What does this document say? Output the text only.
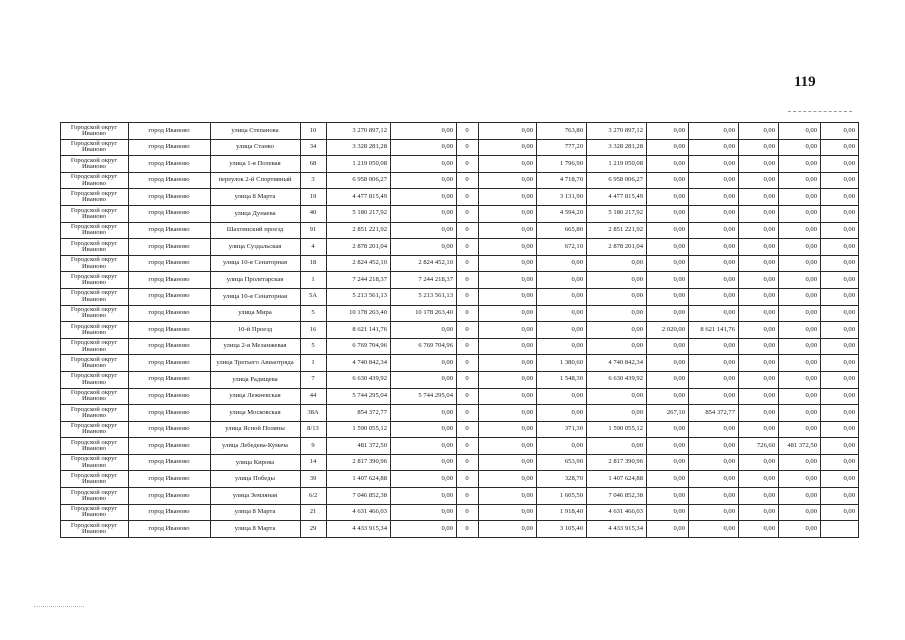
119
Городской округ Иваново	город Иваново	улица Степанова	10	3 270 897,12	0,00	0	0,00	763,80	3 270 897,12	0,00	0,00	0,00	0,00	0,00
Городской округ Иваново	город Иваново	улица Станко	34	3 328 281,28	0,00	0	0,00	777,20	3 328 281,28	0,00	0,00	0,00	0,00	0,00
Городской округ Иваново	город Иваново	улица 1-я Полевая	68	1 219 050,08	0,00	0	0,00	1 796,90	1 219 050,08	0,00	0,00	0,00	0,00	0,00
Городской округ Иваново	город Иваново	переулок 2-й Спортивный	3	6 958 006,27	0,00	0	0,00	4 718,70	6 958 006,27	0,00	0,00	0,00	0,00	0,00
Городской округ Иваново	город Иваново	улица 8 Марта	19	4 477 815,49	0,00	0	0,00	3 131,90	4 477 815,49	0,00	0,00	0,00	0,00	0,00
Городской округ Иваново	город Иваново	улица Дунаева	40	5 180 217,92	0,00	0	0,00	4 594,20	5 180 217,92	0,00	0,00	0,00	0,00	0,00
Городской округ Иваново	город Иваново	Шахтинский проезд	91	2 851 221,92	0,00	0	0,00	665,80	2 851 221,92	0,00	0,00	0,00	0,00	0,00
Городской округ Иваново	город Иваново	улица Суздальская	4	2 878 201,04	0,00	0	0,00	672,10	2 878 201,04	0,00	0,00	0,00	0,00	0,00
Городской округ Иваново	город Иваново	улица 10-я Сенаторная	18	2 824 452,10	2 824 452,10	0	0,00	0,00	0,00	0,00	0,00	0,00	0,00	0,00
Городской округ Иваново	город Иваново	улица Пролетарская	1	7 244 218,37	7 244 218,37	0	0,00	0,00	0,00	0,00	0,00	0,00	0,00	0,00
Городской округ Иваново	город Иваново	улица 10-я Сенаторная	5А	5 213 561,13	5 213 561,13	0	0,00	0,00	0,00	0,00	0,00	0,00	0,00	0,00
Городской округ Иваново	город Иваново	улица Мира	5	10 178 263,40	10 178 263,40	0	0,00	0,00	0,00	0,00	0,00	0,00	0,00	0,00
Городской округ Иваново	город Иваново	10-й Проезд	16	8 621 141,76	0,00	0	0,00	0,00	0,00	2 020,00	8 621 141,76	0,00	0,00	0,00
Городской округ Иваново	город Иваново	улица 2-я Меланжевая	5	6 769 704,96	6 769 704,96	0	0,00	0,00	0,00	0,00	0,00	0,00	0,00	0,00
Городской округ Иваново	город Иваново	улица Третьего Авиаотряда	1	4 740 842,34	0,00	0	0,00	1 380,60	4 740 842,34	0,00	0,00	0,00	0,00	0,00
Городской округ Иваново	город Иваново	улица Радищева	7	6 630 439,92	0,00	0	0,00	1 548,30	6 630 439,92	0,00	0,00	0,00	0,00	0,00
Городской округ Иваново	город Иваново	улица Лежневская	44	5 744 295,04	5 744 295,04	0	0,00	0,00	0,00	0,00	0,00	0,00	0,00	0,00
Городской округ Иваново	город Иваново	улица Московская	38А	854 372,77	0,00	0	0,00	0,00	0,00	267,10	854 372,77	0,00	0,00	0,00
Городской округ Иваново	город Иваново	улица Ясной Поляны	8/13	1 590 055,12	0,00	0	0,00	371,30	1 590 055,12	0,00	0,00	0,00	0,00	0,00
Городской округ Иваново	город Иваново	улица Лебедева-Кумача	9	481 372,50	0,00	0	0,00	0,00	0,00	0,00	0,00	726,60	481 372,50	0,00
Городской округ Иваново	город Иваново	улица Кирова	14	2 817 390,96	0,00	0	0,00	653,90	2 817 390,96	0,00	0,00	0,00	0,00	0,00
Городской округ Иваново	город Иваново	улица Победы	39	1 407 624,88	0,00	0	0,00	328,70	1 407 624,88	0,00	0,00	0,00	0,00	0,00
Городской округ Иваново	город Иваново	улица Земляная	6/2	7 046 852,38	0,00	0	0,00	1 605,50	7 046 852,38	0,00	0,00	0,00	0,00	0,00
Городской округ Иваново	город Иваново	улица 8 Марта	21	4 631 466,03	0,00	0	0,00	1 918,40	4 631 466,03	0,00	0,00	0,00	0,00	0,00
Городской округ Иваново	город Иваново	улица 8 Марта	29	4 433 915,34	0,00	0	0,00	3 105,40	4 433 915,34	0,00	0,00	0,00	0,00	
